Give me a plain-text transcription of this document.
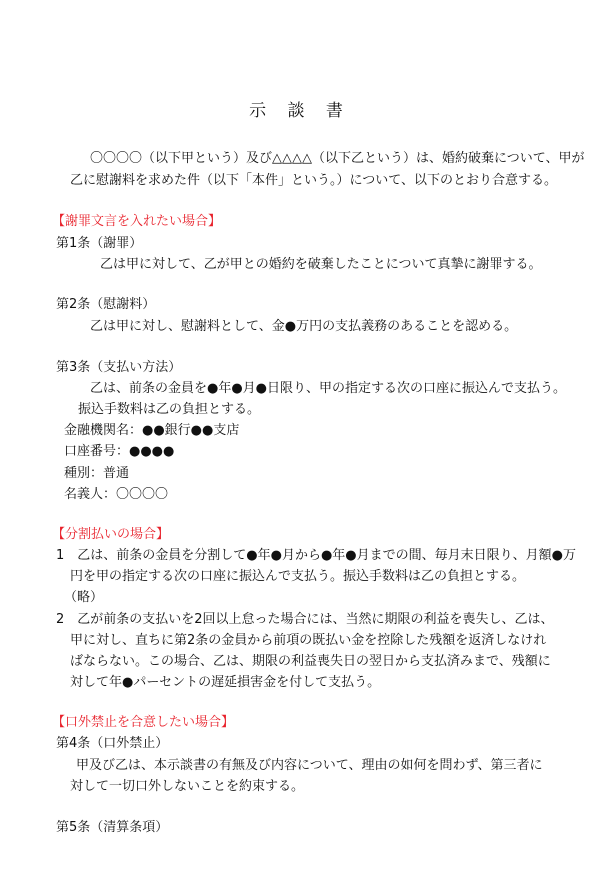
示 談 書
〇〇〇〇（以下甲という）及び△△△△（以下乙という）は、婚約破棄について、甲が
乙に慰謝料を求めた件（以下「本件」という。）について、以下のとおり合意する。
【謝罪文言を入れたい場合】
第1条（謝罪）
乙は甲に対して、乙が甲との婚約を破棄したことについて真摯に謝罪する。
第2条（慰謝料）
乙は甲に対し、慰謝料として、金●万円の支払義務のあることを認める。
第3条（支払い方法）
乙は、前条の金員を●年●月●日限り、甲の指定する次の口座に振込んで支払う。
振込手数料は乙の負担とする。
金融機関名：●●銀行●●支店
口座番号：●●●●
種別：普通
名義人：〇〇〇〇
【分割払いの場合】
1　乙は、前条の金員を分割して●年●月から●年●月までの間、毎月末日限り、月額●万
円を甲の指定する次の口座に振込んで支払う。振込手数料は乙の負担とする。
（略）
2　乙が前条の支払いを2回以上怠った場合には、当然に期限の利益を喪失し、乙は、
甲に対し、直ちに第2条の金員から前項の既払い金を控除した残額を返済しなけれ
ばならない。この場合、乙は、期限の利益喪失日の翌日から支払済みまで、残額に
対して年●パーセントの遅延損害金を付して支払う。
【口外禁止を合意したい場合】
第4条（口外禁止）
甲及び乙は、本示談書の有無及び内容について、理由の如何を問わず、第三者に
対して一切口外しないことを約束する。
第5条（清算条項）
